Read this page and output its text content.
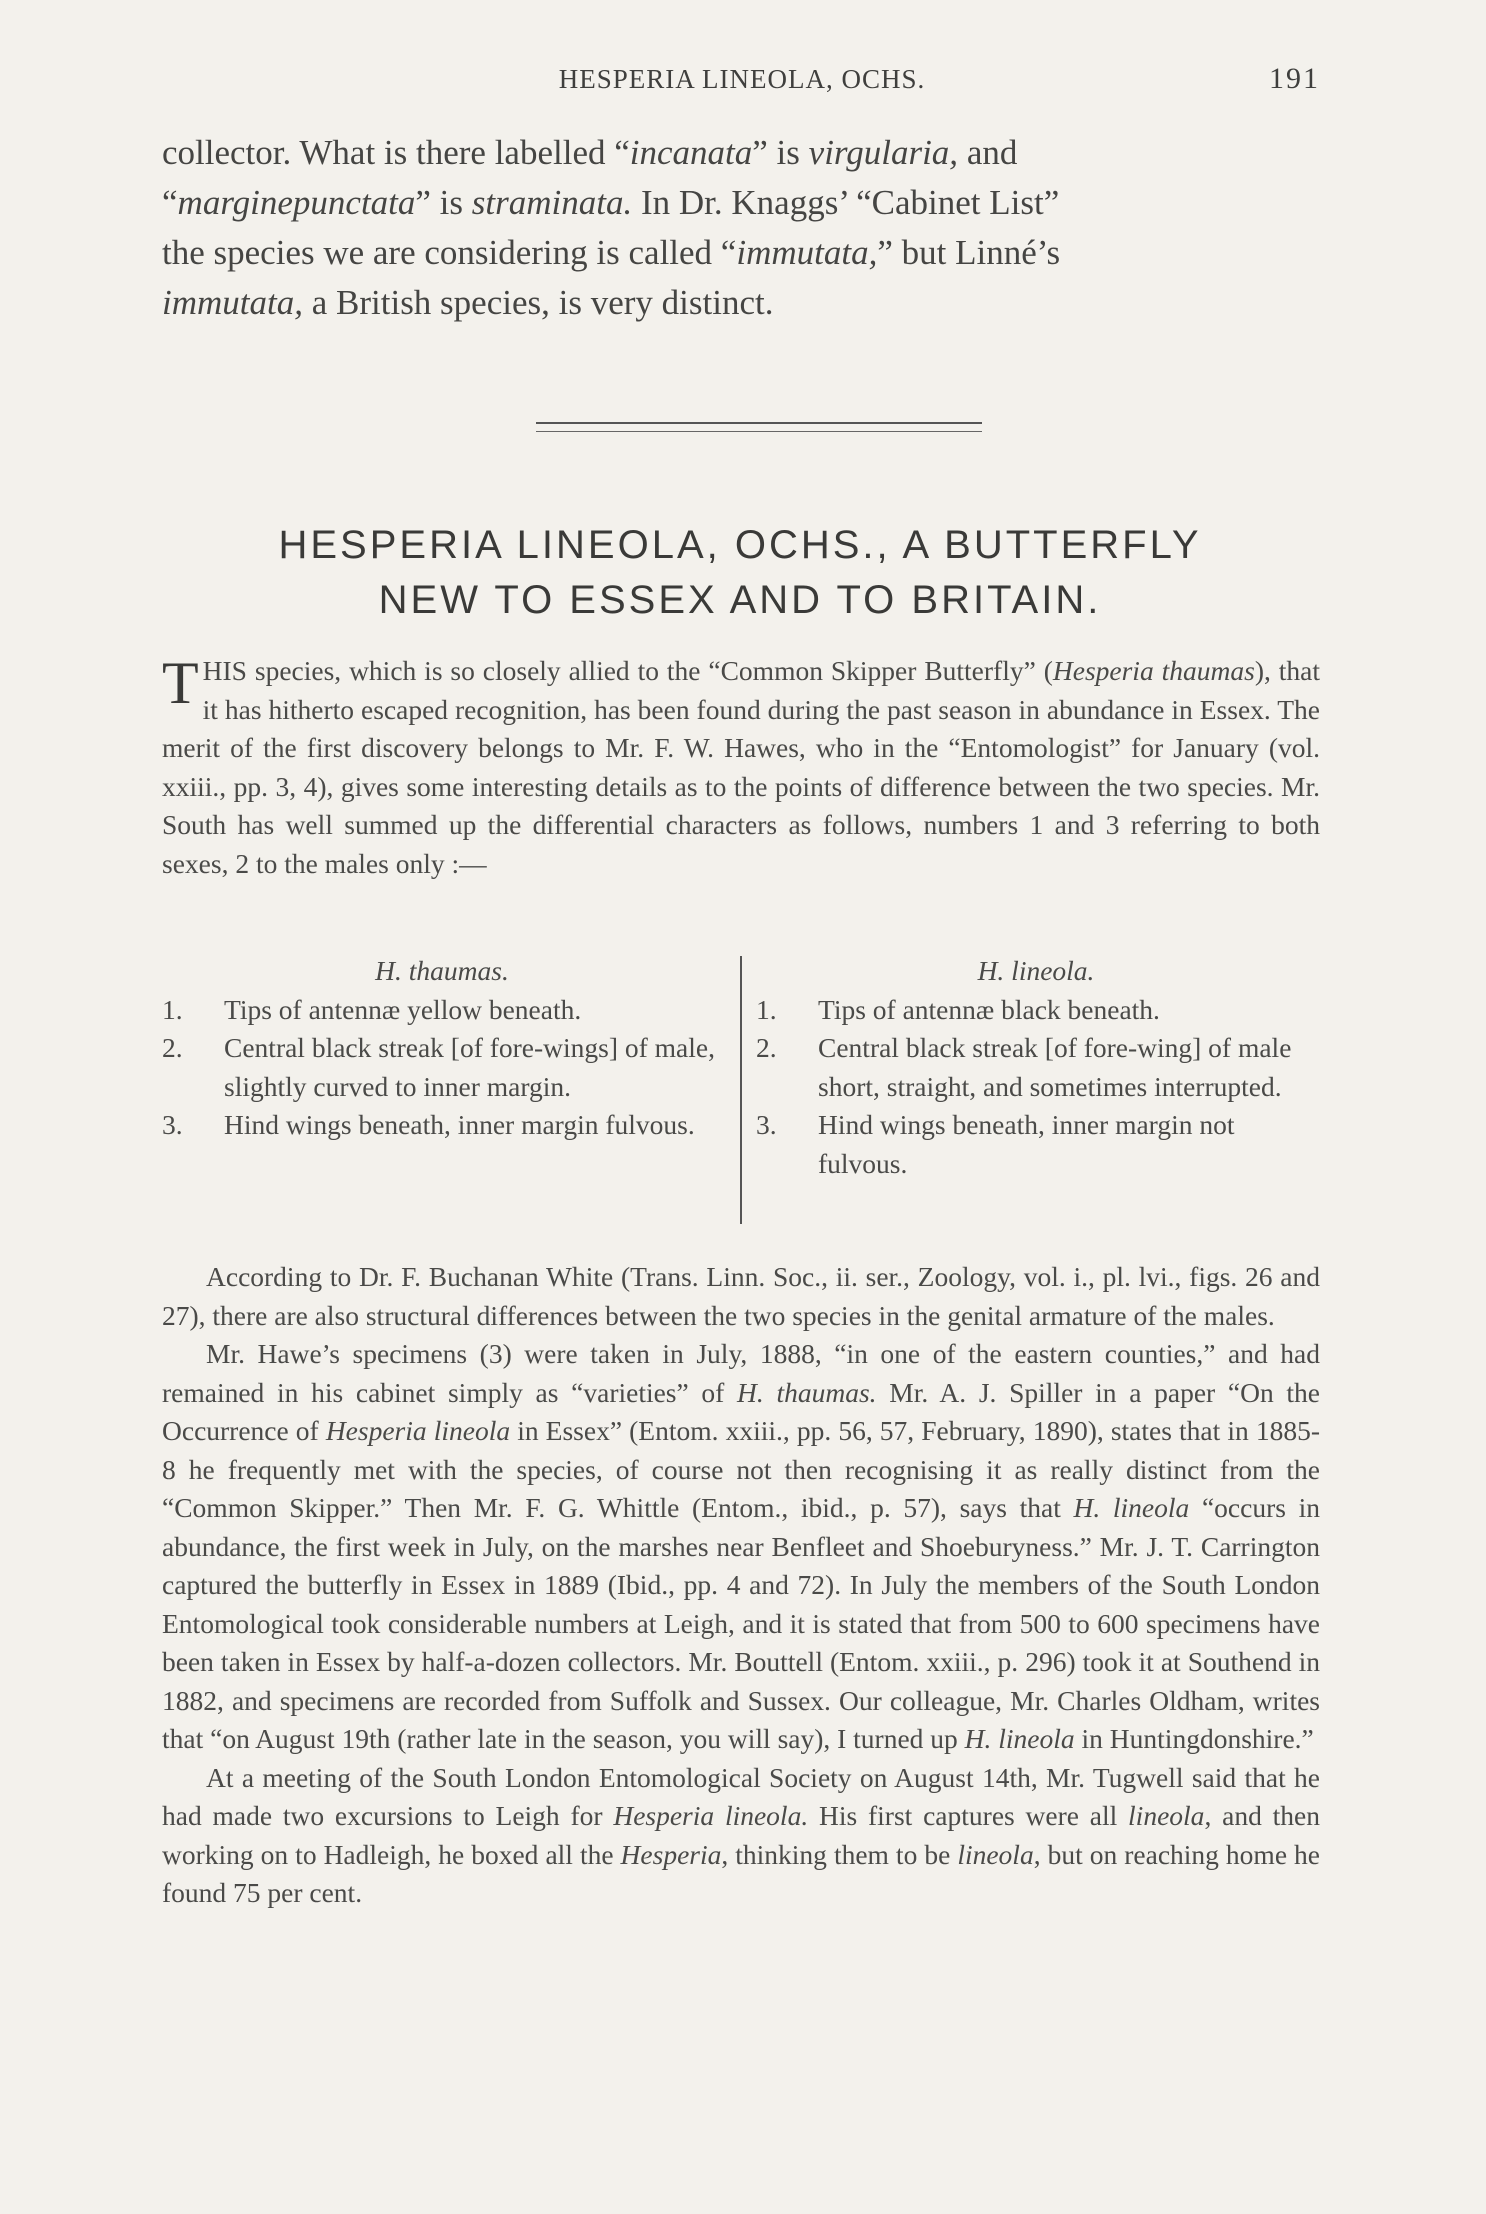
HESPERIA LINEOLA, OCHS.	191

collector. What is there labelled “incanata” is virgularia, and

“marginepunctata” is straminata. In Dr. Knaggs’ “Cabinet List”

the species we are considering is called “immutata,” but Linné’s

immutata, a British species, is very distinct.

HESPERIA LINEOLA, OCHS., A BUTTERFLY
NEW TO ESSEX AND TO BRITAIN.

THIS species, which is so closely allied to the “Common Skipper Butterfly” (Hesperia thaumas), that it has hitherto escaped recognition, has been found during the past season in abundance in Essex. The merit of the first discovery belongs to Mr. F. W. Hawes, who in the “Entomologist” for January (vol. xxiii., pp. 3, 4), gives some interesting details as to the points of difference between the two species. Mr. South has well summed up the differential characters as follows, numbers 1 and 3 referring to both sexes, 2 to the males only :—

H. thaumas.

1. Tips of antennæ yellow beneath.
2. Central black streak [of fore-wings] of male, slightly curved to inner margin.
3. Hind wings beneath, inner margin fulvous.

H. lineola.

1. Tips of antennæ black beneath.
2. Central black streak [of fore-wing] of male short, straight, and sometimes interrupted.
3. Hind wings beneath, inner margin not fulvous.

According to Dr. F. Buchanan White (Trans. Linn. Soc., ii. ser., Zoology, vol. i., pl. lvi., figs. 26 and 27), there are also structural differences between the two species in the genital armature of the males.

Mr. Hawe’s specimens (3) were taken in July, 1888, “in one of the eastern counties,” and had remained in his cabinet simply as “varieties” of H. thaumas. Mr. A. J. Spiller in a paper “On the Occurrence of Hesperia lineola in Essex” (Entom. xxiii., pp. 56, 57, February, 1890), states that in 1885-8 he frequently met with the species, of course not then recognising it as really distinct from the “Common Skipper.” Then Mr. F. G. Whittle (Entom., ibid., p. 57), says that H. lineola “occurs in abundance, the first week in July, on the marshes near Benfleet and Shoeburyness.” Mr. J. T. Carrington captured the butterfly in Essex in 1889 (Ibid., pp. 4 and 72). In July the members of the South London Entomological took considerable numbers at Leigh, and it is stated that from 500 to 600 specimens have been taken in Essex by half-a-dozen collectors. Mr. Bouttell (Entom. xxiii., p. 296) took it at Southend in 1882, and specimens are recorded from Suffolk and Sussex. Our colleague, Mr. Charles Oldham, writes that “on August 19th (rather late in the season, you will say), I turned up H. lineola in Huntingdonshire.”

At a meeting of the South London Entomological Society on August 14th, Mr. Tugwell said that he had made two excursions to Leigh for Hesperia lineola. His first captures were all lineola, and then working on to Hadleigh, he boxed all the Hesperia, thinking them to be lineola, but on reaching home he found 75 per cent.
